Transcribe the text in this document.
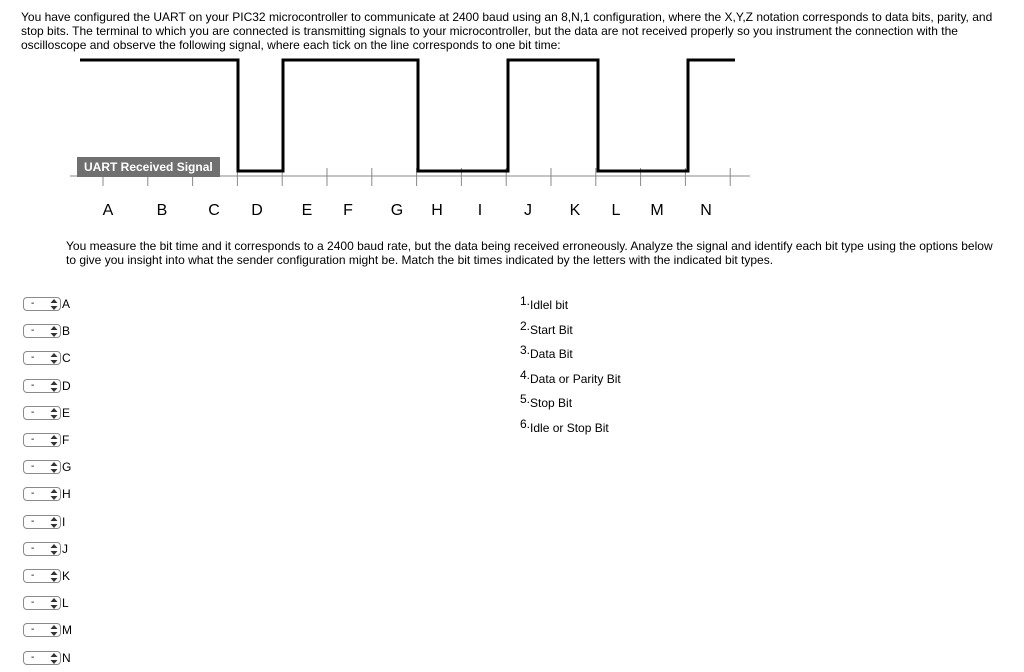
You have configured the UART on your PIC32 microcontroller to communicate at 2400 baud using an 8,N,1 configuration, where the X,Y,Z notation corresponds to data bits, parity, and stop bits. The terminal to which you are connected is transmitting signals to your microcontroller, but the data are not received properly so you instrument the connection with the oscilloscope and observe the following signal, where each tick on the line corresponds to one bit time:

UART Received Signal
A	B	C D E F G H I	J K L M N

You measure the bit time and it corresponds to a 2400 baud rate, but the data being received erroneously. Analyze the signal and identify each bit type using the options below to give you insight into what the sender configuration might be. Match the bit times indicated by the letters with the indicated bit types.

- A
- B
- C
- D
- E
- F
- G
- H
- I
- J
- K
- L
- M
- N
1.Idlel bit
2.Start Bit
3.Data Bit
4.Data or Parity Bit
5.Stop Bit
6.Idle or Stop Bit
